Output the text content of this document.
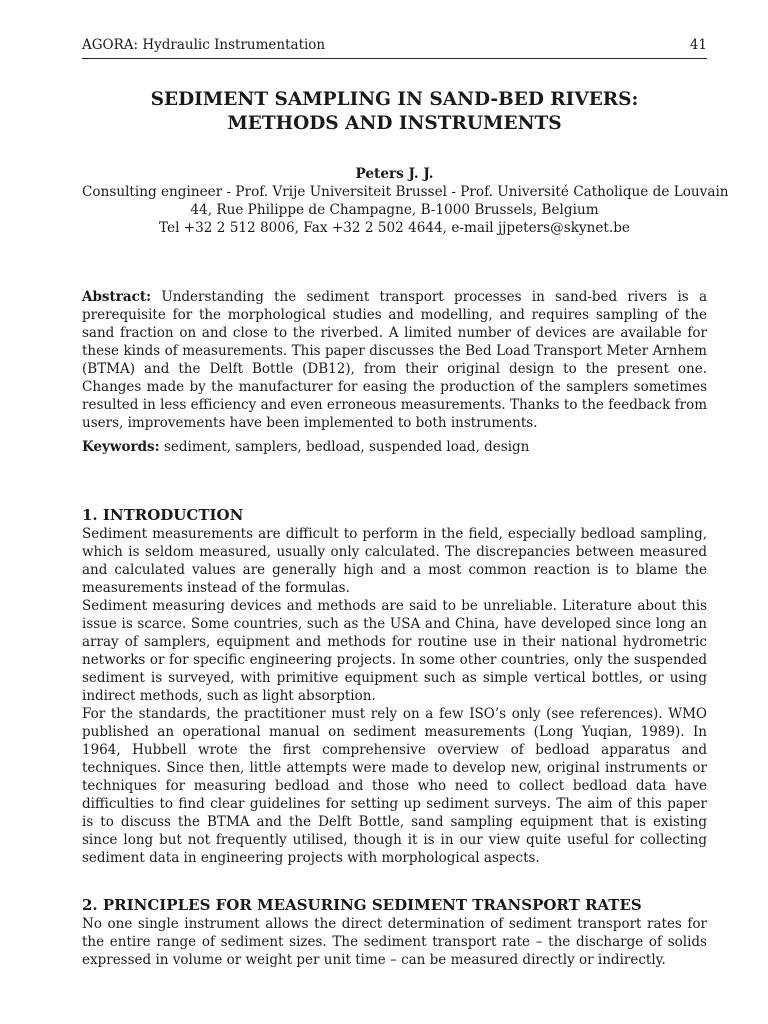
AGORA: Hydraulic Instrumentation	41
SEDIMENT SAMPLING IN SAND-BED RIVERS:
METHODS AND INSTRUMENTS
Peters J. J.
Consulting engineer - Prof. Vrije Universiteit Brussel - Prof. Université Catholique de Louvain
44, Rue Philippe de Champagne, B-1000 Brussels, Belgium
Tel +32 2 512 8006, Fax +32 2 502 4644, e-mail jjpeters@skynet.be

Abstract: Understanding the sediment transport processes in sand-bed rivers is a prerequisite for the morphological studies and modelling, and requires sampling of the sand fraction on and close to the riverbed. A limited number of devices are available for these kinds of measurements. This paper discusses the Bed Load Transport Meter Arnhem (BTMA) and the Delft Bottle (DB12), from their original design to the present one. Changes made by the manufacturer for easing the production of the samplers sometimes resulted in less efficiency and even erroneous measurements. Thanks to the feedback from users, improvements have been implemented to both instruments.

Keywords: sediment, samplers, bedload, suspended load, design

1. INTRODUCTION

Sediment measurements are difficult to perform in the field, especially bedload sampling, which is seldom measured, usually only calculated. The discrepancies between measured and calculated values are generally high and a most common reaction is to blame the measurements instead of the formulas.

Sediment measuring devices and methods are said to be unreliable. Literature about this issue is scarce. Some countries, such as the USA and China, have developed since long an array of samplers, equipment and methods for routine use in their national hydrometric networks or for specific engineering projects. In some other countries, only the suspended sediment is surveyed, with primitive equipment such as simple vertical bottles, or using indirect methods, such as light absorption.

For the standards, the practitioner must rely on a few ISO’s only (see references). WMO published an operational manual on sediment measurements (Long Yuqian, 1989). In 1964, Hubbell wrote the first comprehensive overview of bedload apparatus and techniques. Since then, little attempts were made to develop new, original instruments or techniques for measuring bedload and those who need to collect bedload data have difficulties to find clear guidelines for setting up sediment surveys. The aim of this paper is to discuss the BTMA and the Delft Bottle, sand sampling equipment that is existing since long but not frequently utilised, though it is in our view quite useful for collecting sediment data in engineering projects with morphological aspects.

2. PRINCIPLES FOR MEASURING SEDIMENT TRANSPORT RATES

No one single instrument allows the direct determination of sediment transport rates for the entire range of sediment sizes. The sediment transport rate – the discharge of solids expressed in volume or weight per unit time – can be measured directly or indirectly.
